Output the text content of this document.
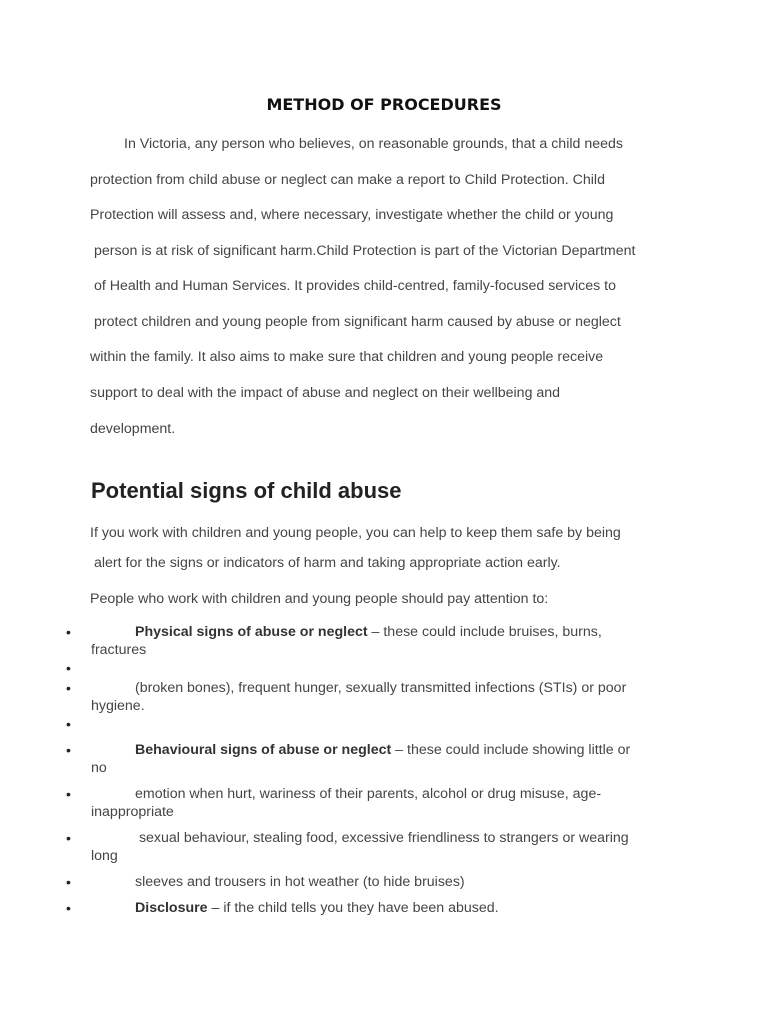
METHOD OF PROCEDURES

In Victoria, any person who believes, on reasonable grounds, that a child needs

protection from child abuse or neglect can make a report to Child Protection. Child

Protection will assess and, where necessary, investigate whether the child or young

person is at risk of significant harm.Child Protection is part of the Victorian Department

of Health and Human Services. It provides child-centred, family-focused services to

protect children and young people from significant harm caused by abuse or neglect

within the family. It also aims to make sure that children and young people receive

support to deal with the impact of abuse and neglect on their wellbeing and

development.

Potential signs of child abuse

If you work with children and young people, you can help to keep them safe by being

alert for the signs or indicators of harm and taking appropriate action early.

People who work with children and young people should pay attention to:

•	Physical signs of abuse or neglect – these could include bruises, burns,
fractures
•
•	(broken bones), frequent hunger, sexually transmitted infections (STIs) or poor
hygiene.
•
•	Behavioural signs of abuse or neglect – these could include showing little or
no
•	emotion when hurt, wariness of their parents, alcohol or drug misuse, age-
inappropriate
•	sexual behaviour, stealing food, excessive friendliness to strangers or wearing
long
•	sleeves and trousers in hot weather (to hide bruises)
•	Disclosure – if the child tells you they have been abused.
